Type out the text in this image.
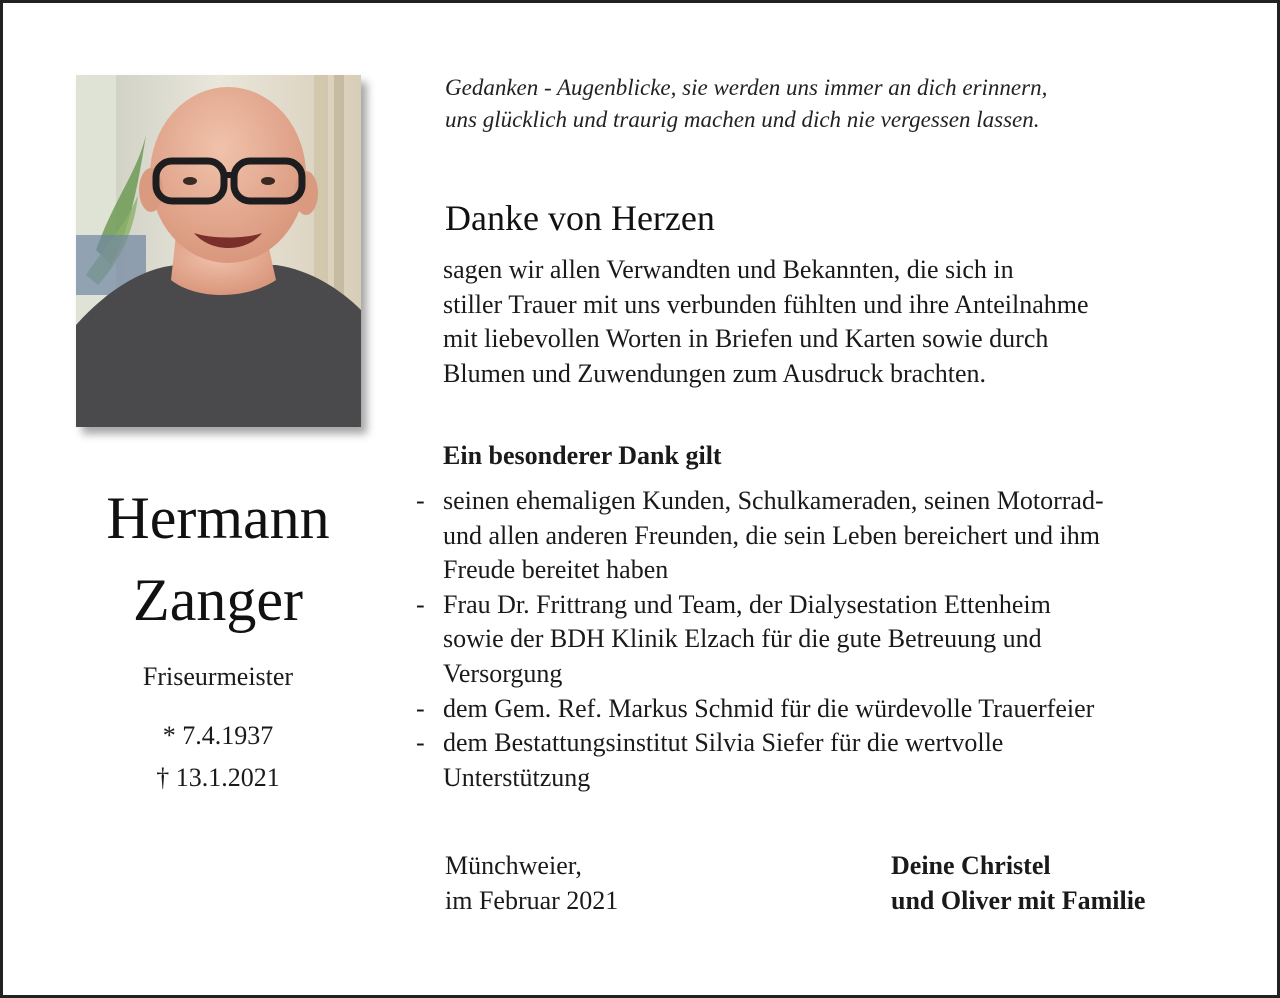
Hermann
Zanger
Friseurmeister
* 7.4.1937
† 13.1.2021
Gedanken - Augenblicke, sie werden uns immer an dich erinnern,
uns glücklich und traurig machen und dich nie vergessen lassen.
Danke von Herzen
sagen wir allen Verwandten und Bekannten, die sich in
stiller Trauer mit uns verbunden fühlten und ihre Anteilnahme
mit liebevollen Worten in Briefen und Karten sowie durch
Blumen und Zuwendungen zum Ausdruck brachten.
Ein besonderer Dank gilt
- seinen ehemaligen Kunden, Schulkameraden, seinen Motorrad-
und allen anderen Freunden, die sein Leben bereichert und ihm
Freude bereitet haben
- Frau Dr. Frittrang und Team, der Dialysestation Ettenheim
sowie der BDH Klinik Elzach für die gute Betreuung und
Versorgung
- dem Gem. Ref. Markus Schmid für die würdevolle Trauerfeier
- dem Bestattungsinstitut Silvia Siefer für die wertvolle
Unterstützung
Münchweier,
im Februar 2021
Deine Christel
und Oliver mit Familie
